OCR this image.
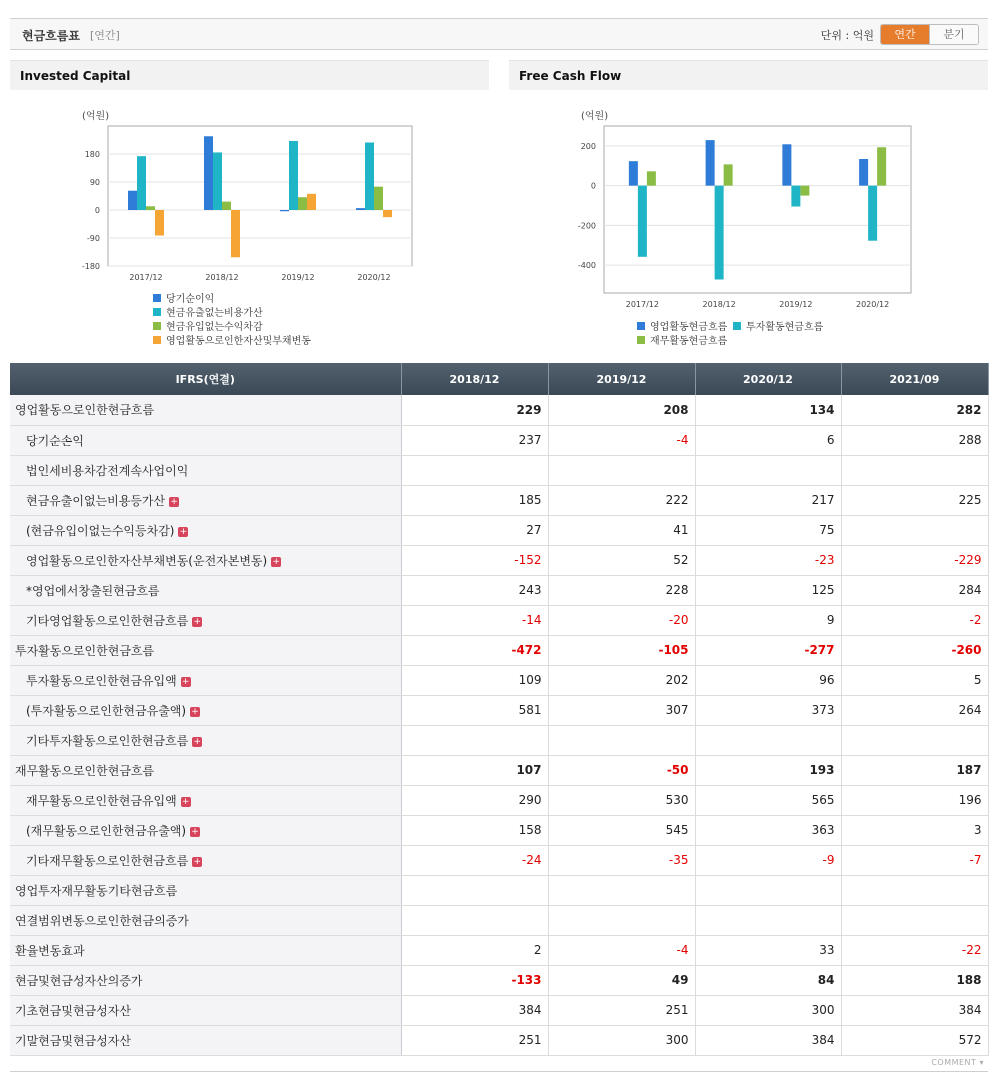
현금흐름표 [연간]	단위 : 억원	연간	분기
Invested Capital
(억원)
-180
-90
0
90
180
2017/12	2018/12	2019/12	2020/12
당기순이익
현금유출없는비용가산
현금유입없는수익차감
영업활동으로인한자산및부채변동
Free Cash Flow
(억원)
-400
-200
0
200
2017/12	2018/12	2019/12	2020/12
영업활동현금흐름 투자활동현금흐름
재무활동현금흐름
IFRS(연결)	2018/12	2019/12	2020/12	2021/09
영업활동으로인한현금흐름	229	208	134	282
당기순손익	237	-4	6	288
법인세비용차감전계속사업이익				
현금유출이없는비용등가산 +	185	222	217	225
(현금유입이없는수익등차감) +	27	41	75	
영업활동으로인한자산부채변동(운전자본변동) +	-152	52	-23	-229
*영업에서창출된현금흐름	243	228	125	284
기타영업활동으로인한현금흐름 +	-14	-20	9	-2
투자활동으로인한현금흐름	-472	-105	-277	-260
투자활동으로인한현금유입액 +	109	202	96	5
(투자활동으로인한현금유출액) +	581	307	373	264
기타투자활동으로인한현금흐름 +				
재무활동으로인한현금흐름	107	-50	193	187
재무활동으로인한현금유입액 +	290	530	565	196
(재무활동으로인한현금유출액) +	158	545	363	3
기타재무활동으로인한현금흐름 +	-24	-35	-9	-7
영업투자재무활동기타현금흐름				
연결범위변동으로인한현금의증가				
환율변동효과	2	-4	33	-22
현금및현금성자산의증가	-133	49	84	188
기초현금및현금성자산	384	251	300	384
기말현금및현금성자산	251	300	384	572
COMMENT ▾
